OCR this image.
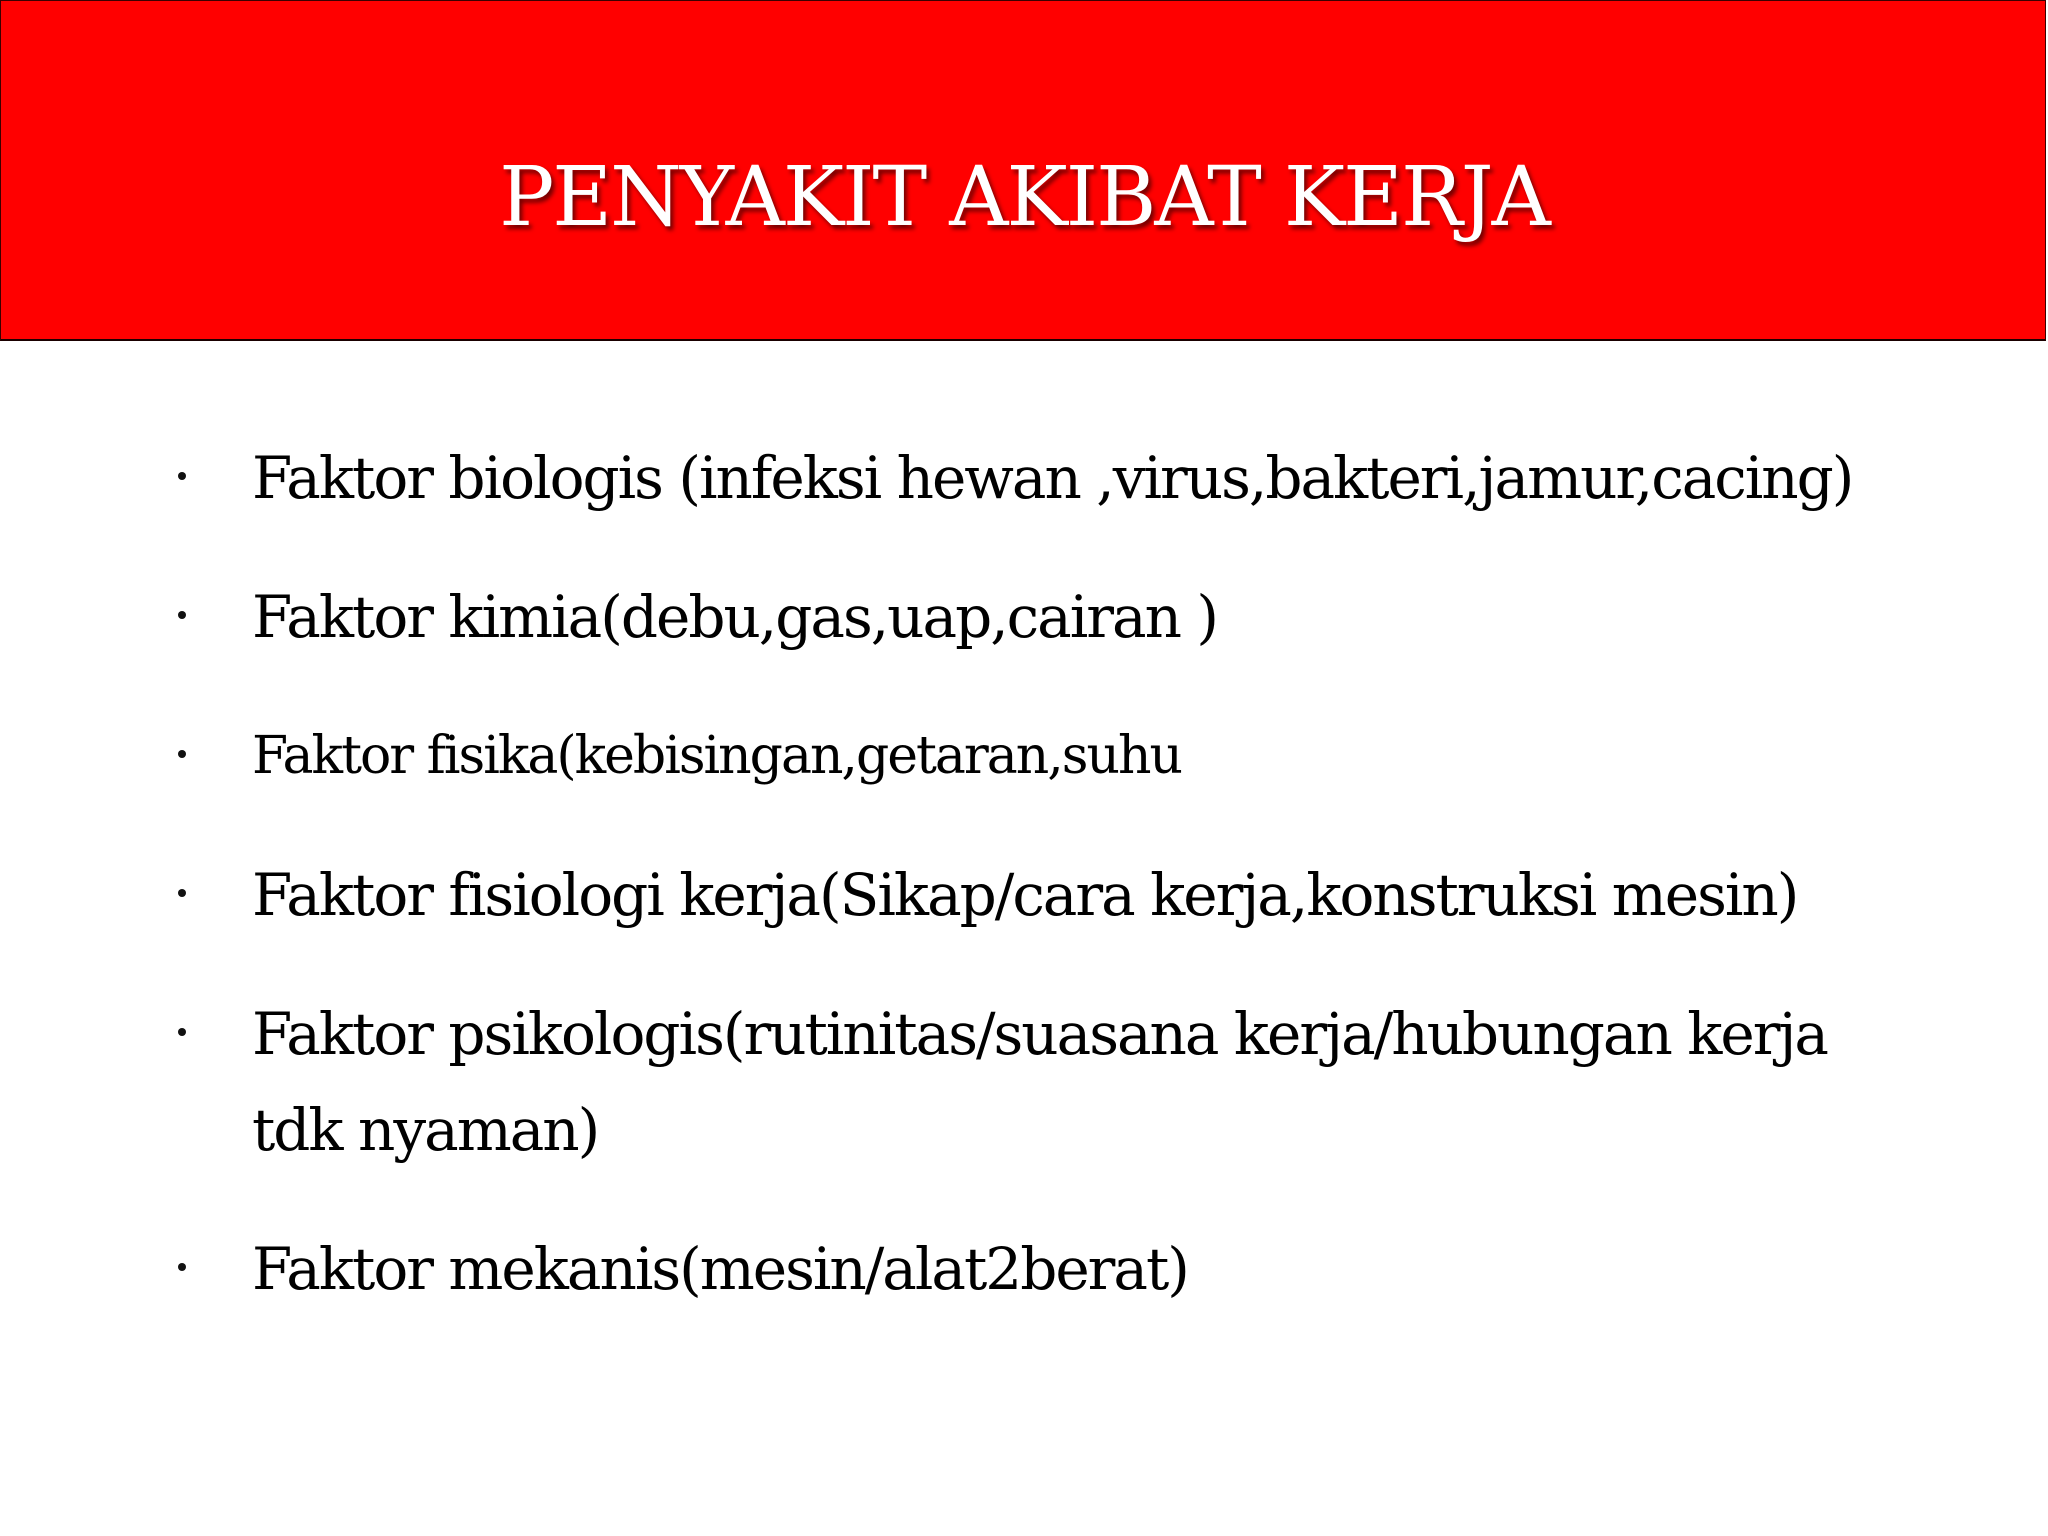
PENYAKIT AKIBAT KERJA
Faktor biologis (infeksi hewan ,virus,bakteri,jamur,cacing)
Faktor kimia(debu,gas,uap,cairan )
Faktor fisika(kebisingan,getaran,suhu
Faktor fisiologi kerja(Sikap/cara kerja,konstruksi mesin)
Faktor psikologis(rutinitas/suasana kerja/hubungan kerja tdk nyaman)
Faktor mekanis(mesin/alat2berat)
